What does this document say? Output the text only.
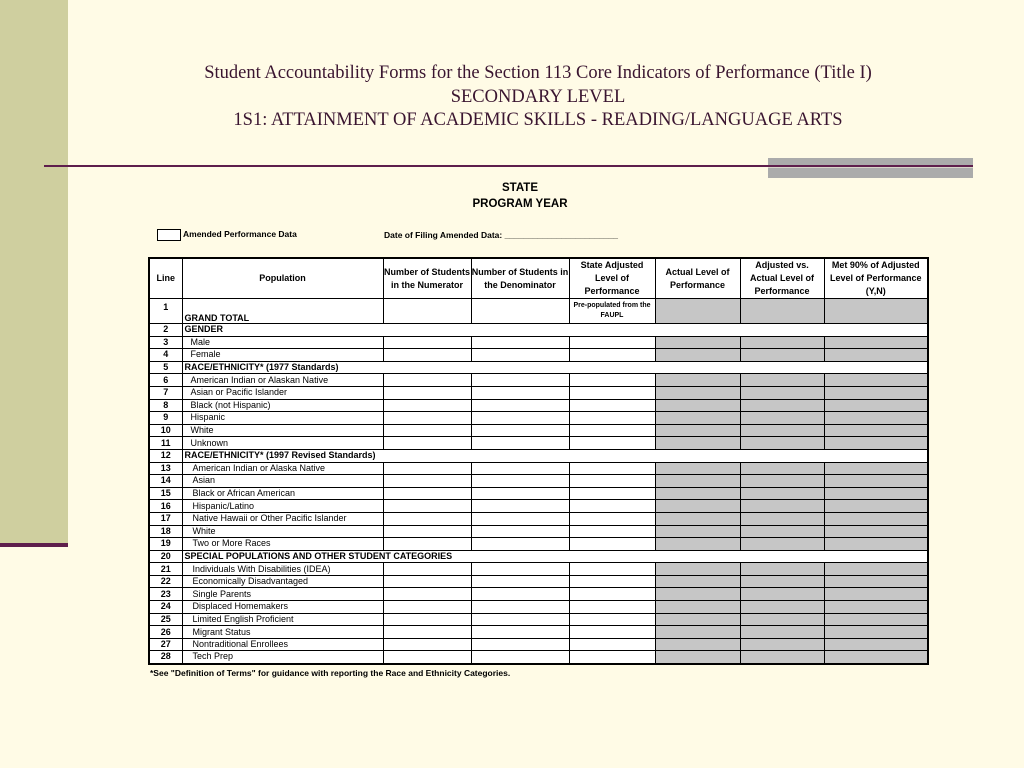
Student Accountability Forms for the Section 113 Core Indicators of Performance (Title I)
SECONDARY LEVEL
1S1: ATTAINMENT OF ACADEMIC SKILLS - READING/LANGUAGE ARTS
STATE
PROGRAM YEAR
Amended Performance Data	Date of Filing Amended Data: ________________________
Line	Population	Number of Students in the Numerator	Number of Students in the Denominator	State Adjusted Level of Performance	Actual Level of Performance	Adjusted vs. Actual Level of Performance	Met 90% of Adjusted Level of Performance (Y,N)
1	GRAND TOTAL			Pre-populated from the FAUPL			

2	GENDER						
3	Male						
4	Female						
5	RACE/ETHNICITY* (1977 Standards)						
6	American Indian or Alaskan Native						
7	Asian or Pacific Islander						
8	Black (not Hispanic)						
9	Hispanic						
10	White						
11	Unknown						
12	RACE/ETHNICITY* (1997 Revised Standards)						
13	American Indian or Alaska Native						
14	Asian						
15	Black or African American						
16	Hispanic/Latino						
17	Native Hawaii or Other Pacific Islander						
18	White						
19	Two or More Races						
20	SPECIAL POPULATIONS AND OTHER STUDENT CATEGORIES						
21	Individuals With Disabilities (IDEA)						
22	Economically Disadvantaged						
23	Single Parents						
24	Displaced Homemakers						
25	Limited English Proficient						
26	Migrant Status						
27	Nontraditional Enrollees						
28	Tech Prep						
*See "Definition of Terms" for guidance with reporting the Race and Ethnicity Categories.
